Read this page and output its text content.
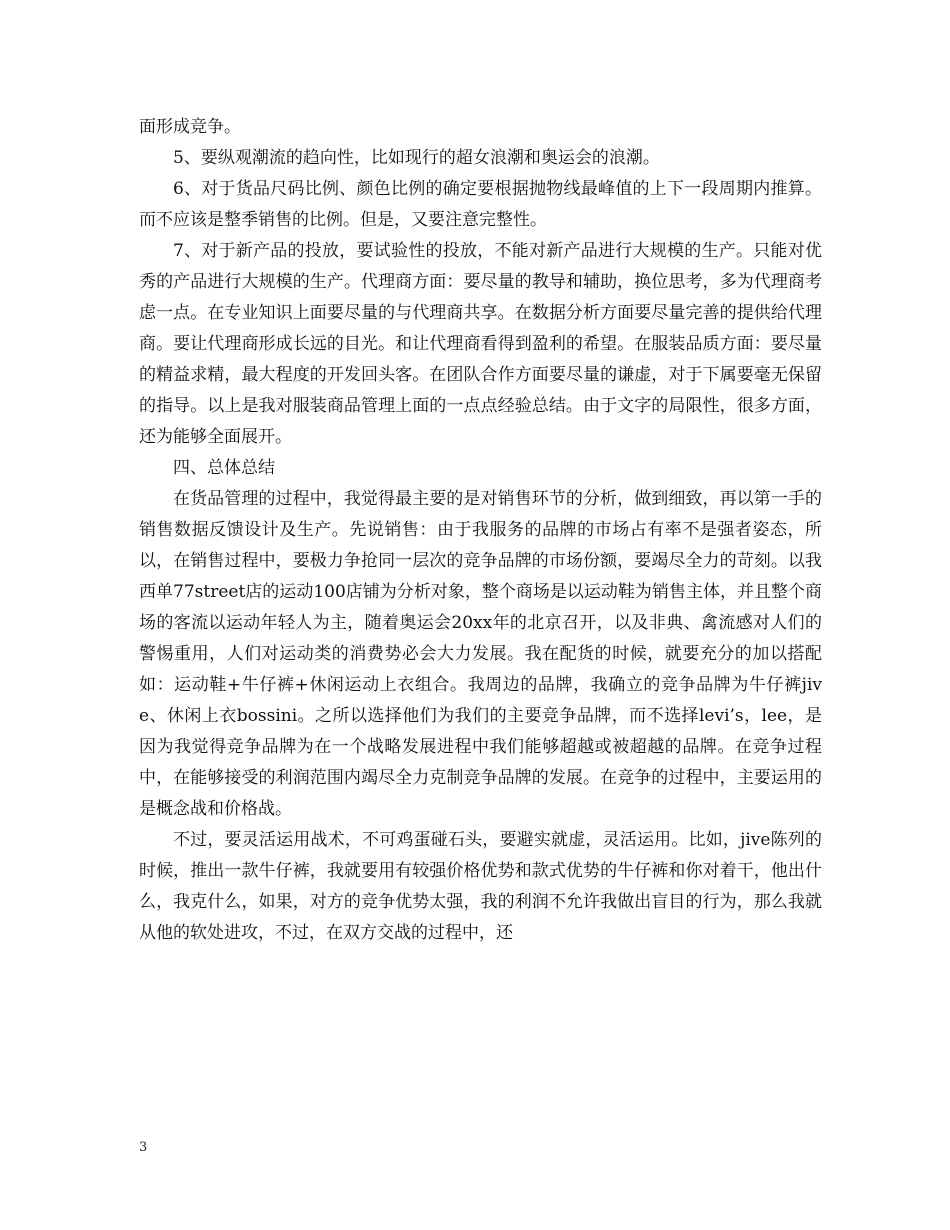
面形成竞争。

5、要纵观潮流的趋向性，比如现行的超女浪潮和奥运会的浪潮。

6、对于货品尺码比例、颜色比例的确定要根据抛物线最峰值的上下一段周期内推算。而不应该是整季销售的比例。但是，又要注意完整性。

7、对于新产品的投放，要试验性的投放，不能对新产品进行大规模的生产。只能对优秀的产品进行大规模的生产。代理商方面：要尽量的教导和辅助，换位思考，多为代理商考虑一点。在专业知识上面要尽量的与代理商共享。在数据分析方面要尽量完善的提供给代理商。要让代理商形成长远的目光。和让代理商看得到盈利的希望。在服装品质方面：要尽量的精益求精，最大程度的开发回头客。在团队合作方面要尽量的谦虚，对于下属要毫无保留的指导。以上是我对服装商品管理上面的一点点经验总结。由于文字的局限性，很多方面，还为能够全面展开。

四、总体总结

在货品管理的过程中，我觉得最主要的是对销售环节的分析，做到细致，再以第一手的销售数据反馈设计及生产。先说销售：由于我服务的品牌的市场占有率不是强者姿态，所以，在销售过程中，要极力争抢同一层次的竞争品牌的市场份额，要竭尽全力的苛刻。以我西单77street店的运动100店铺为分析对象，整个商场是以运动鞋为销售主体，并且整个商场的客流以运动年轻人为主，随着奥运会20xx年的北京召开，以及非典、禽流感对人们的警惕重用，人们对运动类的消费势必会大力发展。我在配货的时候，就要充分的加以搭配如：运动鞋+牛仔裤+休闲运动上衣组合。我周边的品牌，我确立的竞争品牌为牛仔裤jive、休闲上衣bossini。之所以选择他们为我们的主要竞争品牌，而不选择levi’s，lee，是因为我觉得竞争品牌为在一个战略发展进程中我们能够超越或被超越的品牌。在竞争过程中，在能够接受的利润范围内竭尽全力克制竞争品牌的发展。在竞争的过程中，主要运用的是概念战和价格战。

不过，要灵活运用战术，不可鸡蛋碰石头，要避实就虚，灵活运用。比如，jive陈列的时候，推出一款牛仔裤，我就要用有较强价格优势和款式优势的牛仔裤和你对着干，他出什么，我克什么，如果，对方的竞争优势太强，我的利润不允许我做出盲目的行为，那么我就从他的软处进攻，不过，在双方交战的过程中，还

3
